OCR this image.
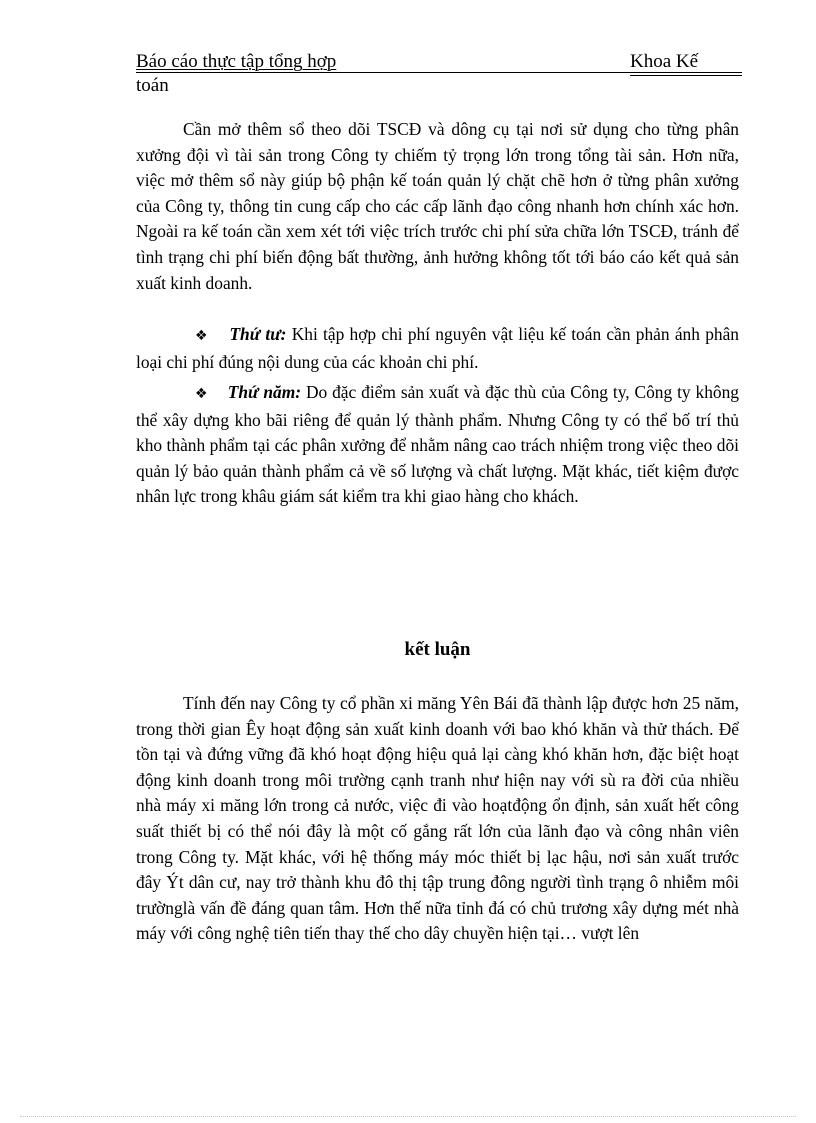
Báo cáo thực tập tổng hợp	Khoa Kế
toán

Cần mở thêm sổ theo dõi TSCĐ và dông cụ tại nơi sử dụng cho từng phân xưởng đội vì tài sản trong Công ty chiếm tỷ trọng lớn trong tổng tài sản. Hơn nữa, việc mở thêm sổ này giúp bộ phận kế toán quản lý chặt chẽ hơn ở từng phân xưởng của Công ty, thông tin cung cấp cho các cấp lãnh đạo công nhanh hơn chính xác hơn. Ngoài ra kế toán cần xem xét tới việc trích trước chi phí sửa chữa lớn TSCĐ, tránh để tình trạng chi phí biến động bất thường, ảnh hưởng không tốt tới báo cáo kết quả sản xuất kinh doanh.

❖ Thứ tư: Khi tập hợp chi phí nguyên vật liệu kế toán cần phản ánh phân loại chi phí đúng nội dung của các khoản chi phí.

❖ Thứ năm: Do đặc điểm sản xuất và đặc thù của Công ty, Công ty không thể xây dựng kho bãi riêng để quản lý thành phẩm. Nhưng Công ty có thể bố trí thủ kho thành phẩm tại các phân xưởng để nhằm nâng cao trách nhiệm trong việc theo dõi quản lý bảo quản thành phẩm cả về số lượng và chất lượng. Mặt khác, tiết kiệm được nhân lực trong khâu giám sát kiểm tra khi giao hàng cho khách.

kết luận

Tính đến nay Công ty cổ phần xi măng Yên Bái đã thành lập được hơn 25 năm, trong thời gian Êy hoạt động sản xuất kinh doanh với bao khó khăn và thử thách. Để tồn tại và đứng vững đã khó hoạt động hiệu quả lại càng khó khăn hơn, đặc biệt hoạt động kinh doanh trong môi trường cạnh tranh như hiện nay với sù ra đời của nhiều nhà máy xi măng lớn trong cả nước, việc đi vào hoạtđộng ổn định, sản xuất hết công suất thiết bị có thể nói đây là một cố gắng rất lớn của lãnh đạo và công nhân viên trong Công ty. Mặt khác, với hệ thống máy móc thiết bị lạc hậu, nơi sản xuất trước đây Ýt dân cư, nay trở thành khu đô thị tập trung đông người tình trạng ô nhiễm môi trườnglà vấn đề đáng quan tâm. Hơn thế nữa tỉnh đá có chủ trương xây dựng mét nhà máy với công nghệ tiên tiến thay thế cho dây chuyền hiện tại… vượt lên
